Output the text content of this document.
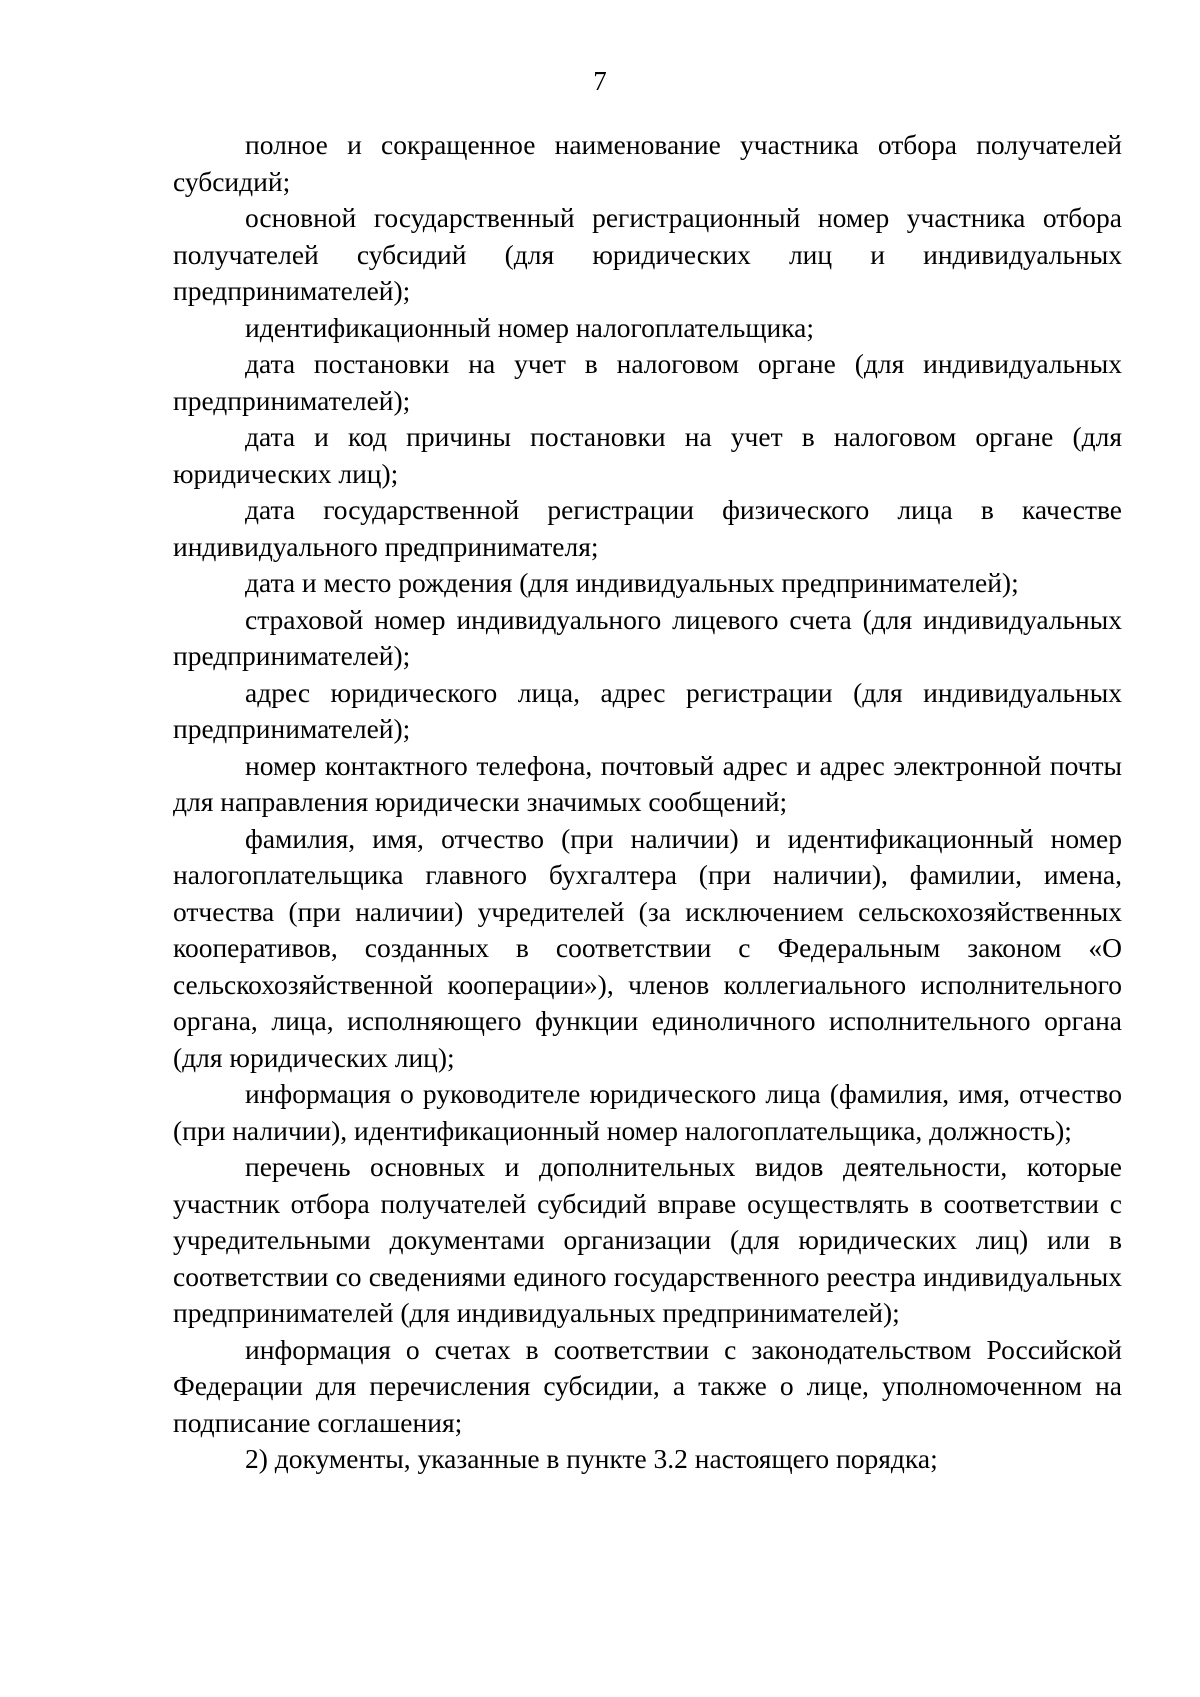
7

полное и сокращенное наименование участника отбора получателей субсидий;

основной государственный регистрационный номер участника отбора получателей субсидий (для юридических лиц и индивидуальных предпринимателей);

идентификационный номер налогоплательщика;

дата постановки на учет в налоговом органе (для индивидуальных предпринимателей);

дата и код причины постановки на учет в налоговом органе (для юридических лиц);

дата государственной регистрации физического лица в качестве индивидуального предпринимателя;

дата и место рождения (для индивидуальных предпринимателей);

страховой номер индивидуального лицевого счета (для индивидуальных предпринимателей);

адрес юридического лица, адрес регистрации (для индивидуальных предпринимателей);

номер контактного телефона, почтовый адрес и адрес электронной почты для направления юридически значимых сообщений;

фамилия, имя, отчество (при наличии) и идентификационный номер налогоплательщика главного бухгалтера (при наличии), фамилии, имена, отчества (при наличии) учредителей (за исключением сельскохозяйственных кооперативов, созданных в соответствии с Федеральным законом «О сельскохозяйственной кооперации»), членов коллегиального исполнительного органа, лица, исполняющего функции единоличного исполнительного органа (для юридических лиц);

информация о руководителе юридического лица (фамилия, имя, отчество (при наличии), идентификационный номер налогоплательщика, должность);

перечень основных и дополнительных видов деятельности, которые участник отбора получателей субсидий вправе осуществлять в соответствии с учредительными документами организации (для юридических лиц) или в соответствии со сведениями единого государственного реестра индивидуальных предпринимателей (для индивидуальных предпринимателей);

информация о счетах в соответствии с законодательством Российской Федерации для перечисления субсидии, а также о лице, уполномоченном на подписание соглашения;

2) документы, указанные в пункте 3.2 настоящего порядка;
